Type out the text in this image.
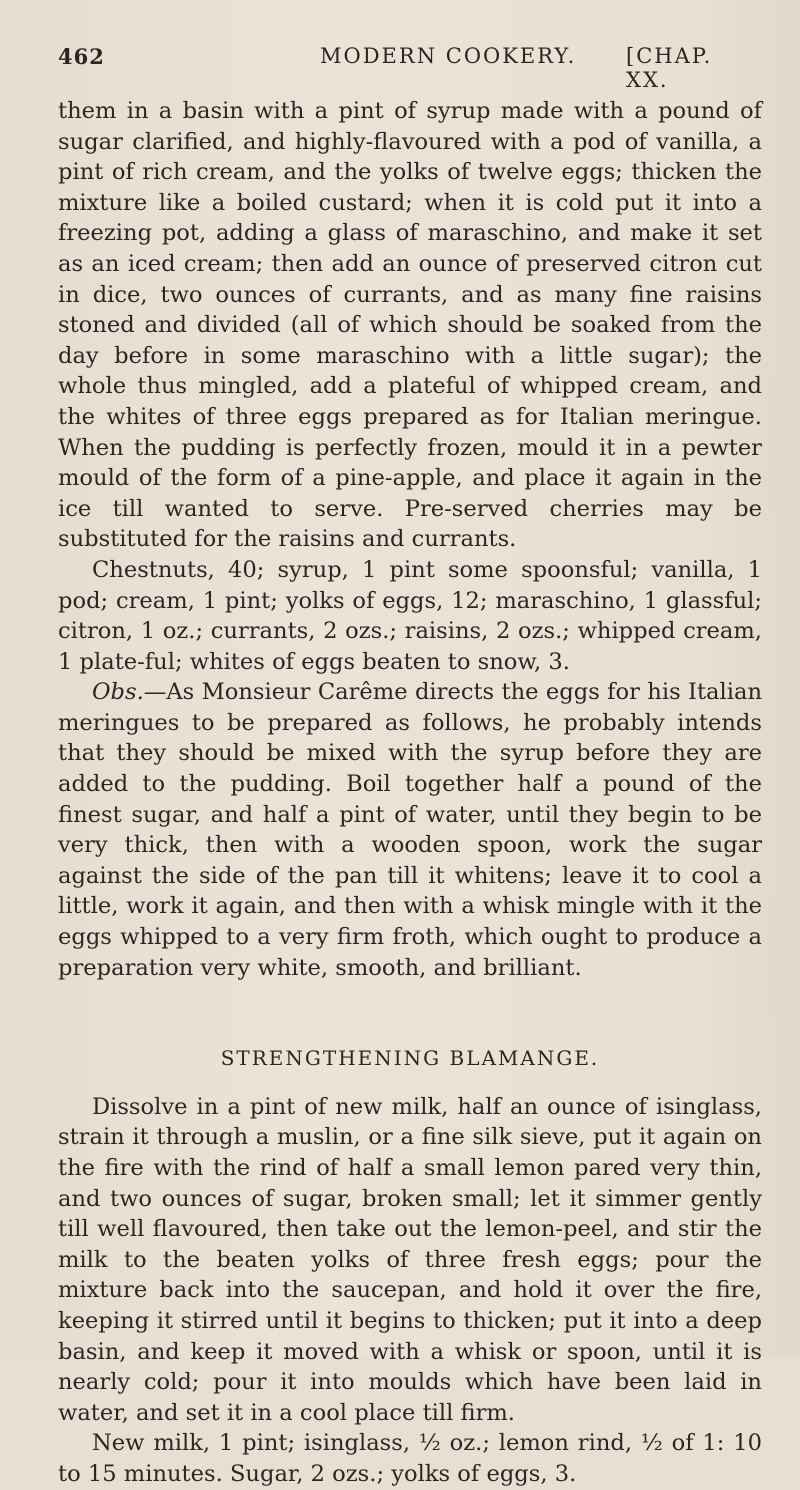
462	MODERN COOKERY. [CHAP. XX.

them in a basin with a pint of syrup made with a pound of sugar clarified, and highly-flavoured with a pod of vanilla, a pint of rich cream, and the yolks of twelve eggs; thicken the mixture like a boiled custard; when it is cold put it into a freezing pot, adding a glass of maraschino, and make it set as an iced cream; then add an ounce of preserved citron cut in dice, two ounces of currants, and as many fine raisins stoned and divided (all of which should be soaked from the day before in some maraschino with a little sugar); the whole thus mingled, add a plateful of whipped cream, and the whites of three eggs prepared as for Italian meringue. When the pudding is perfectly frozen, mould it in a pewter mould of the form of a pine-apple, and place it again in the ice till wanted to serve. Pre-served cherries may be substituted for the raisins and currants.

Chestnuts, 40; syrup, 1 pint some spoonsful; vanilla, 1 pod; cream, 1 pint; yolks of eggs, 12; maraschino, 1 glassful; citron, 1 oz.; currants, 2 ozs.; raisins, 2 ozs.; whipped cream, 1 plate-ful; whites of eggs beaten to snow, 3.

Obs.—As Monsieur Carême directs the eggs for his Italian meringues to be prepared as follows, he probably intends that they should be mixed with the syrup before they are added to the pudding. Boil together half a pound of the finest sugar, and half a pint of water, until they begin to be very thick, then with a wooden spoon, work the sugar against the side of the pan till it whitens; leave it to cool a little, work it again, and then with a whisk mingle with it the eggs whipped to a very firm froth, which ought to produce a preparation very white, smooth, and brilliant.

STRENGTHENING BLAMANGE.

Dissolve in a pint of new milk, half an ounce of isinglass, strain it through a muslin, or a fine silk sieve, put it again on the fire with the rind of half a small lemon pared very thin, and two ounces of sugar, broken small; let it simmer gently till well flavoured, then take out the lemon-peel, and stir the milk to the beaten yolks of three fresh eggs; pour the mixture back into the saucepan, and hold it over the fire, keeping it stirred until it begins to thicken; put it into a deep basin, and keep it moved with a whisk or spoon, until it is nearly cold; pour it into moulds which have been laid in water, and set it in a cool place till firm.

New milk, 1 pint; isinglass, ½ oz.; lemon rind, ½ of 1: 10 to 15 minutes. Sugar, 2 ozs.; yolks of eggs, 3.
